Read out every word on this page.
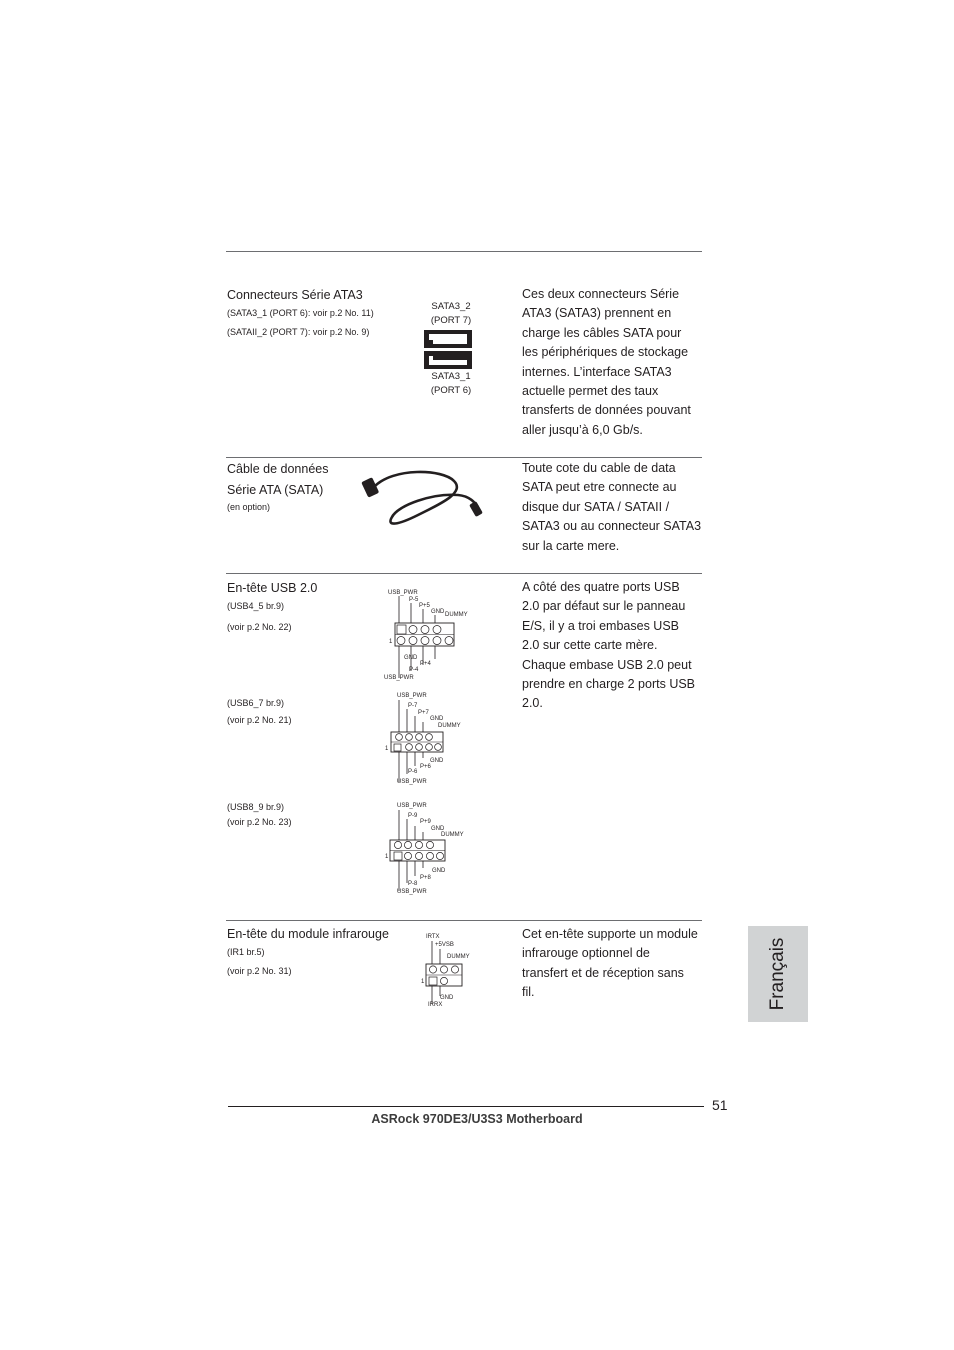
Connecteurs Série ATA3
(SATA3_1 (PORT 6): voir p.2 No. 11)
(SATAII_2 (PORT 7): voir p.2 No. 9)
SATA3_2
(PORT 7)
SATA3_1
(PORT 6)
Ces deux connecteurs Série
ATA3 (SATA3) prennent en
charge les câbles SATA pour
les périphériques de stockage
internes. L’interface SATA3
actuelle permet des taux
transferts de données pouvant
aller jusqu’à 6,0 Gb/s.
Câble de données
Série ATA (SATA)
(en option)
Toute cote du cable de data
SATA peut etre connecte au
disque dur SATA / SATAII /
SATA3 ou au connecteur SATA3
sur la carte mere.
En-tête USB 2.0
(USB4_5 br.9)
(voir p.2 No. 22)
USB_PWR
P-5
P+5
GND DUMMY
1
GND
P+4
P-4
USB_PWR
(USB6_7 br.9)
(voir p.2 No. 21)
USB_PWR
P-7
P+7
GND
DUMMY
1
GND
P+6
P-6
USB_PWR
(USB8_9 br.9)
(voir p.2 No. 23)
USB_PWR
P-9
P+9
GND
DUMMY
1
GND
P+8
P-8
USB_PWR
A côté des quatre ports USB
2.0 par défaut sur le panneau
E/S, il y a troi embases USB
2.0 sur cette carte mère.
Chaque embase USB 2.0 peut
prendre en charge 2 ports USB
2.0.
En-tête du module infrarouge
(IR1 br.5)
(voir p.2 No. 31)
IRTX
+5VSB
DUMMY
1
GND
IRRX
Cet en-tête supporte un module
infrarouge optionnel de
transfert et de réception sans
fil.	Français
51
ASRock 970DE3/U3S3 Motherboard
